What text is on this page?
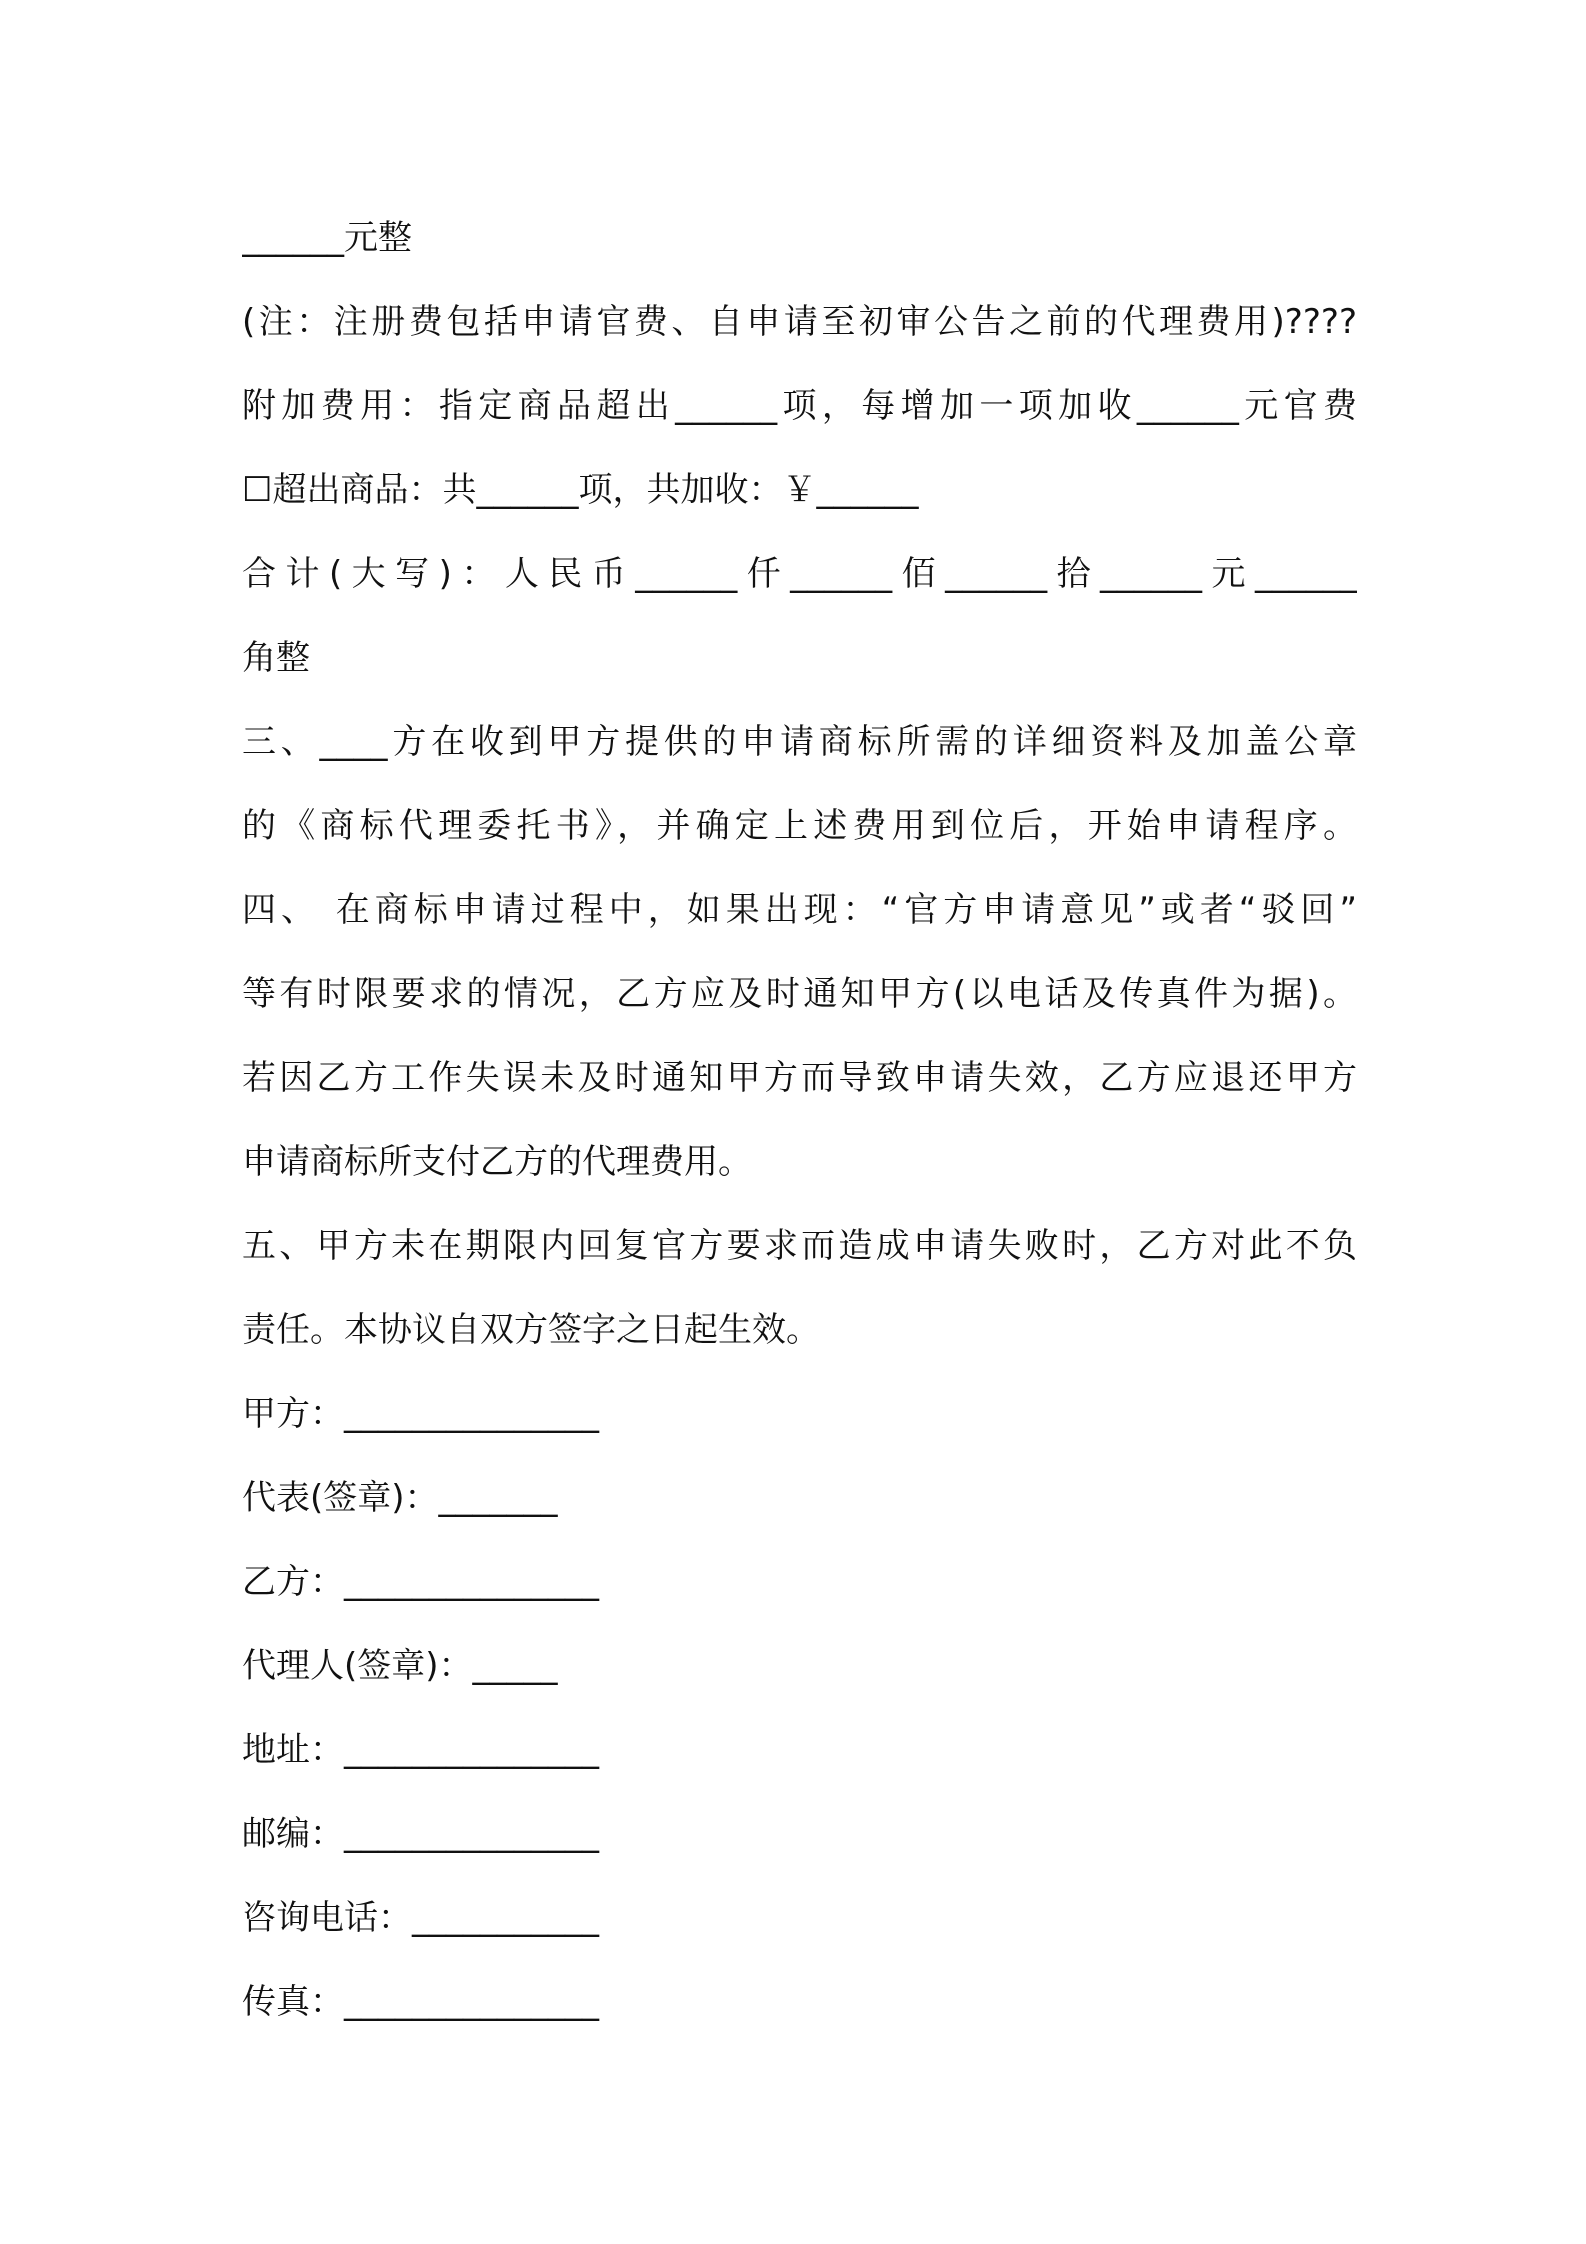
______元整
(注：注册费包括申请官费、自申请至初审公告之前的代理费用)????
附加费用：指定商品超出______项，每增加一项加收______元官费
☐超出商品：共______项，共加收：￥______
合计(大写)：人民币______仟______佰______拾______元______
角整
三、____方在收到甲方提供的申请商标所需的详细资料及加盖公章
的《商标代理委托书》，并确定上述费用到位后，开始申请程序。
四、 在商标申请过程中，如果出现：“官方申请意见”或者“驳回”
等有时限要求的情况，乙方应及时通知甲方(以电话及传真件为据)。
若因乙方工作失误未及时通知甲方而导致申请失效，乙方应退还甲方
申请商标所支付乙方的代理费用。
五、甲方未在期限内回复官方要求而造成申请失败时，乙方对此不负
责任。本协议自双方签字之日起生效。
甲方：_______________
代表(签章)：_______
乙方：_______________
代理人(签章)：_____
地址：_______________
邮编：_______________
咨询电话：___________
传真：_______________
